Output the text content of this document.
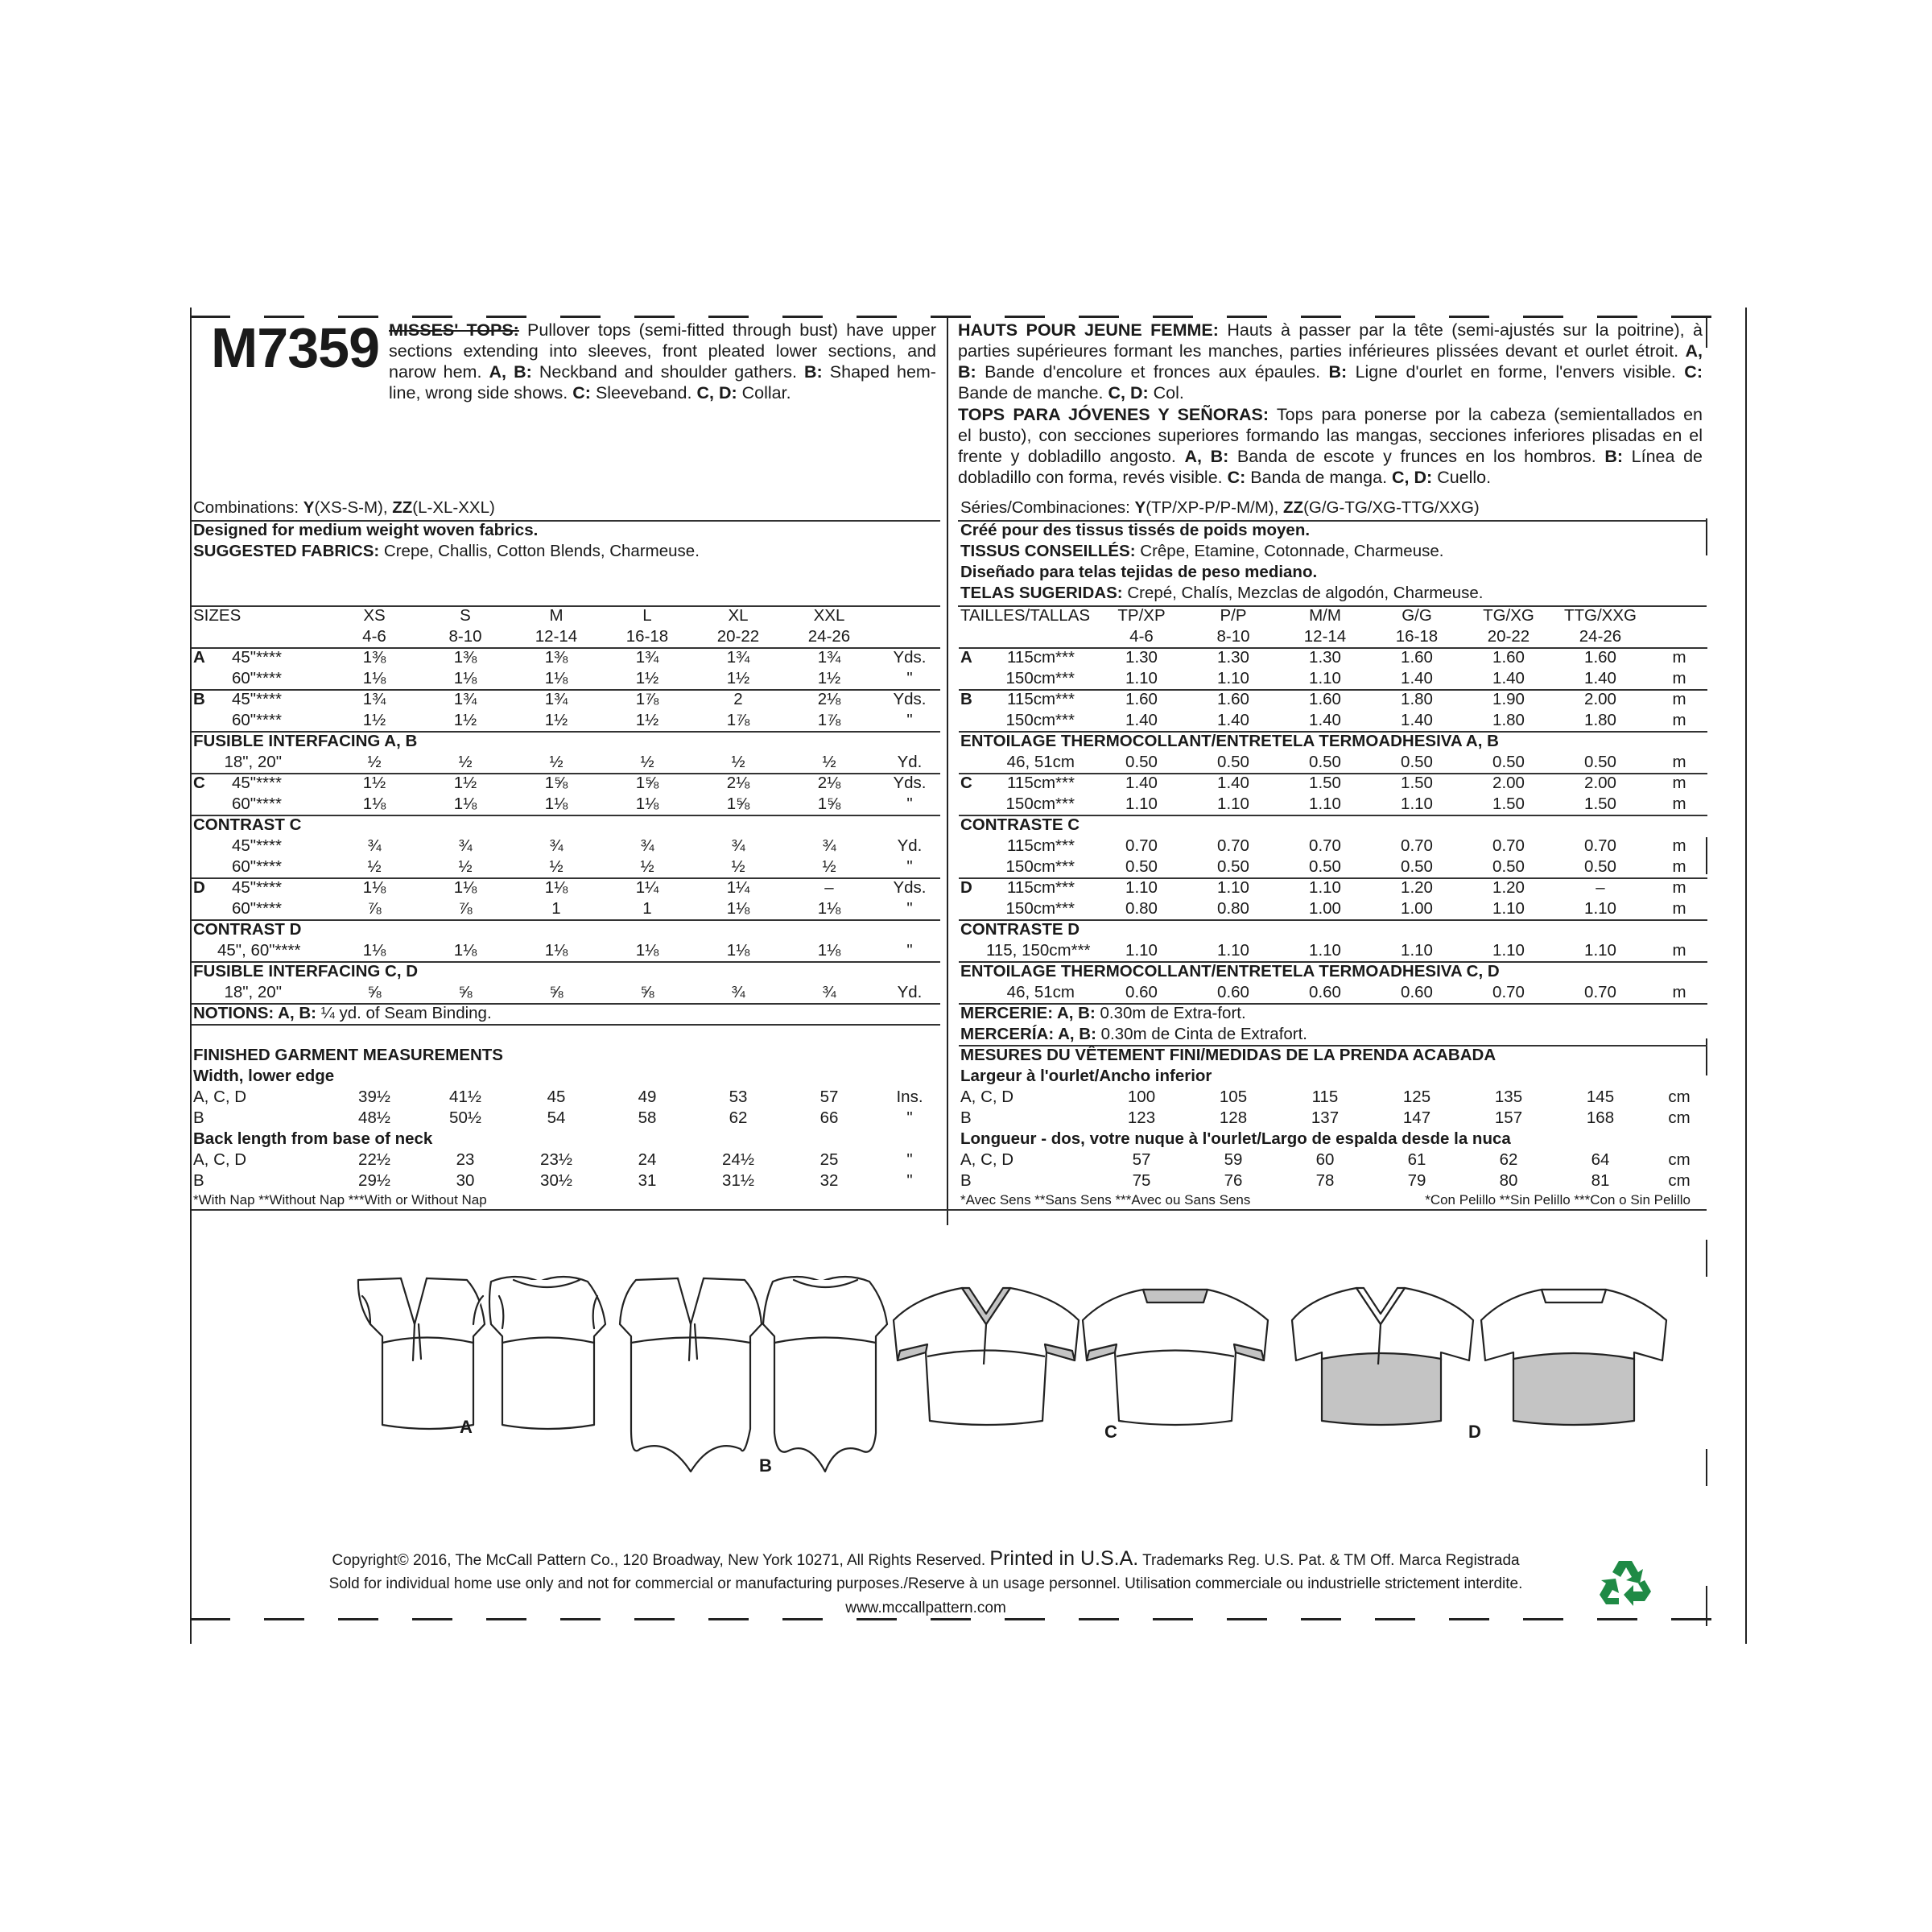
M7359 MISSES' TOPS: Pullover tops (semi-fitted through bust) have upper
sections extending into sleeves, front pleated lower sections, and
narow hem. A, B: Neckband and shoulder gathers. B: Shaped hem-
line, wrong side shows. C: Sleeveband. C, D: Collar.
HAUTS POUR JEUNE FEMME: Hauts à passer par la tête (semi-ajustés sur la poitrine), à
parties supérieures formant les manches, parties inférieures plissées devant et ourlet étroit. A,
B: Bande d'encolure et fronces aux épaules. B: Ligne d'ourlet en forme, l'envers visible. C:
Bande de manche. C, D: Col.
TOPS PARA JÓVENES Y SEÑORAS: Tops para ponerse por la cabeza (semientallados en
el busto), con secciones superiores formando las mangas, secciones inferiores plisadas en el
frente y dobladillo angosto. A, B: Banda de escote y frunces en los hombros. B: Línea de
dobladillo con forma, revés visible. C: Banda de manga. C, D: Cuello.
Combinations: Y(XS-S-M), ZZ(L-XL-XXL)
Designed for medium weight woven fabrics.
SUGGESTED FABRICS: Crepe, Challis, Cotton Blends, Charmeuse.
Séries/Combinaciones: Y(TP/XP-P/P-M/M), ZZ(G/G-TG/XG-TTG/XXG)
Créé pour des tissus tissés de poids moyen.
TISSUS CONSEILLÉS: Crêpe, Etamine, Cotonnade, Charmeuse.
Diseñado para telas tejidas de peso mediano.
TELAS SUGERIDAS: Crepé, Chalís, Mezclas de algodón, Charmeuse.
SIZES	XS	S	M	L	XL	XXL
4-6	8-10	12-14	16-18	20-22	24-26
A	45"****	1⅜	1⅜	1⅜	1¾	1¾	1¾	Yds.
60"****	1⅛	1⅛	1⅛	1½	1½	1½	"
B	45"****	1¾	1¾	1¾	1⅞	2	2⅛	Yds.
60"****	1½	1½	1½	1½	1⅞	1⅞	"
FUSIBLE INTERFACING A, B
18", 20"	½	½	½	½	½	½	Yd.
C	45"****	1½	1½	1⅝	1⅝	2⅛	2⅛	Yds.
60"****	1⅛	1⅛	1⅛	1⅛	1⅝	1⅝	"
CONTRAST C
45"****	¾	¾	¾	¾	¾	¾	Yd.
60"****	½	½	½	½	½	½	"
D	45"****	1⅛	1⅛	1⅛	1¼	1¼	–	Yds.
60"****	⅞	⅞	1	1	1⅛	1⅛	"
CONTRAST D
45", 60"****	1⅛	1⅛	1⅛	1⅛	1⅛	1⅛	"
FUSIBLE INTERFACING C, D
18", 20"	⅝	⅝	⅝	⅝	¾	¾	Yd.
NOTIONS: A, B: ¼ yd. of Seam Binding.
FINISHED GARMENT MEASUREMENTS
Width, lower edge
A, C, D	39½	41½	45	49	53	57	Ins.
B	48½	50½	54	58	62	66	"
Back length from base of neck
A, C, D	22½	23	23½	24	24½	25	"
B	29½	30	30½	31	31½	32	"
*With Nap **Without Nap ***With or Without Nap
TAILLES/TALLAS	TP/XP	P/P	M/M	G/G	TG/XG	TTG/XXG
4-6	8-10	12-14	16-18	20-22	24-26
A	115cm***	1.30	1.30	1.30	1.60	1.60	1.60	m
150cm***	1.10	1.10	1.10	1.40	1.40	1.40	m
B	115cm***	1.60	1.60	1.60	1.80	1.90	2.00	m
150cm***	1.40	1.40	1.40	1.40	1.80	1.80	m
ENTOILAGE THERMOCOLLANT/ENTRETELA TERMOADHESIVA A, B
46, 51cm	0.50	0.50	0.50	0.50	0.50	0.50	m
C	115cm***	1.40	1.40	1.50	1.50	2.00	2.00	m
150cm***	1.10	1.10	1.10	1.10	1.50	1.50	m
CONTRASTE C
115cm***	0.70	0.70	0.70	0.70	0.70	0.70	m
150cm***	0.50	0.50	0.50	0.50	0.50	0.50	m
D	115cm***	1.10	1.10	1.10	1.20	1.20	–	m
150cm***	0.80	0.80	1.00	1.00	1.10	1.10	m
CONTRASTE D
115, 150cm***	1.10	1.10	1.10	1.10	1.10	1.10	m
ENTOILAGE THERMOCOLLANT/ENTRETELA TERMOADHESIVA C, D
46, 51cm	0.60	0.60	0.60	0.60	0.70	0.70	m
MERCERIE: A, B: 0.30m de Extra-fort.
MERCERÍA: A, B: 0.30m de Cinta de Extrafort.
MESURES DU VÊTEMENT FINI/MEDIDAS DE LA PRENDA ACABADA
Largeur à l'ourlet/Ancho inferior
A, C, D	100	105	115	125	135	145	cm
B	123	128	137	147	157	168	cm
Longueur - dos, votre nuque à l'ourlet/Largo de espalda desde la nuca
A, C, D	57	59	60	61	62	64	cm
B	75	76	78	79	80	81	cm
*Avec Sens **Sans Sens ***Avec ou Sans Sens	*Con Pelillo **Sin Pelillo ***Con o Sin Pelillo
A
B
C	D
Copyright© 2016, The McCall Pattern Co., 120 Broadway, New York 10271, All Rights Reserved. Printed in U.S.A. Trademarks Reg. U.S. Pat. & TM Off. Marca Registrada
Sold for individual home use only and not for commercial or manufacturing purposes./Reserve à un usage personnel. Utilisation commerciale ou industrielle strictement interdite.
www.mccallpattern.com
